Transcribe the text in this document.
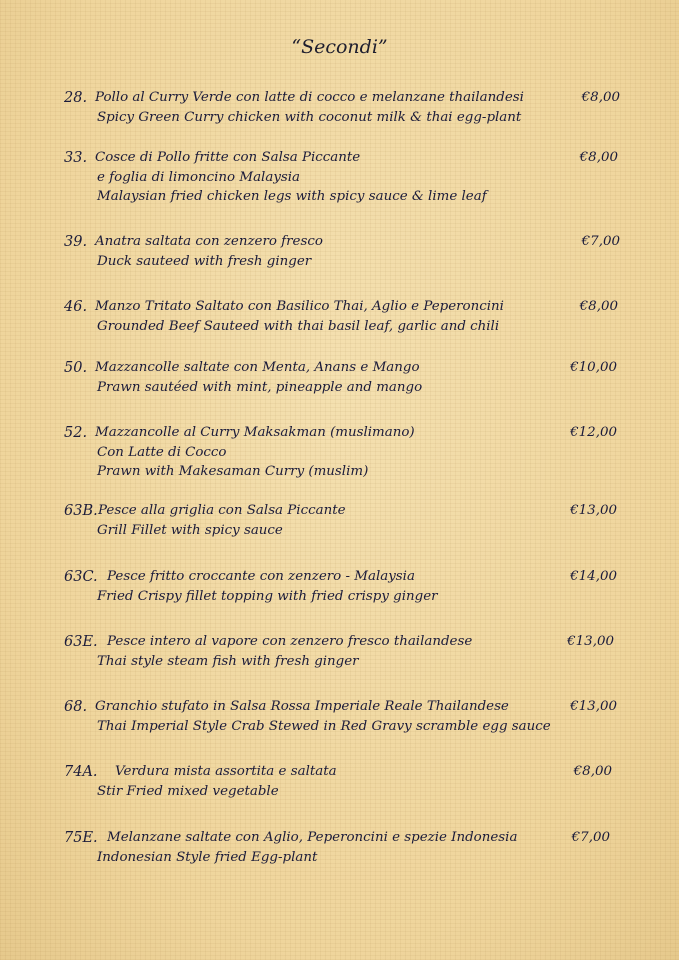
“Secondi”
28. Pollo al Curry Verde con latte di cocco e melanzane thailandesi	€8,00
Spicy Green Curry chicken with coconut milk & thai egg-plant
33. Cosce di Pollo fritte con Salsa Piccante	€8,00
e foglia di limoncino Malaysia
Malaysian fried chicken legs with spicy sauce & lime leaf
39. Anatra saltata con zenzero fresco	€7,00
Duck sauteed with fresh ginger
46. Manzo Tritato Saltato con Basilico Thai, Aglio e Peperoncini	€8,00
Grounded Beef Sauteed with thai basil leaf, garlic and chili
50. Mazzancolle saltate con Menta, Anans e Mango	€10,00
Prawn sautéed with mint, pineapple and mango
52. Mazzancolle al Curry Maksakman (muslimano)	€12,00
Con Latte di Cocco
Prawn with Makesaman Curry (muslim)
63B. Pesce alla griglia con Salsa Piccante	€13,00
Grill Fillet with spicy sauce
63C. Pesce fritto croccante con zenzero - Malaysia	€14,00
Fried Crispy fillet topping with fried crispy ginger
63E. Pesce intero al vapore con zenzero fresco thailandese	€13,00
Thai style steam fish with fresh ginger
68. Granchio stufato in Salsa Rossa Imperiale Reale Thailandese	€13,00
Thai Imperial Style Crab Stewed in Red Gravy scramble egg sauce
74A. Verdura mista assortita e saltata	€8,00
Stir Fried mixed vegetable
75E. Melanzane saltate con Aglio, Peperoncini e spezie Indonesia	€7,00
Indonesian Style fried Egg-plant
